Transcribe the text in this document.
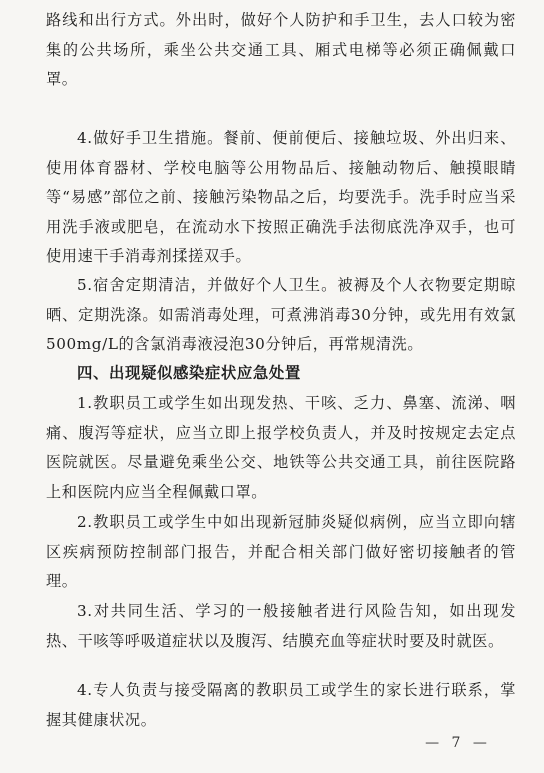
路线和出行方式。外出时，做好个人防护和手卫生，去人口较为密集的公共场所，乘坐公共交通工具、厢式电梯等必须正确佩戴口罩。

4.做好手卫生措施。餐前、便前便后、接触垃圾、外出归来、使用体育器材、学校电脑等公用物品后、接触动物后、触摸眼睛等“易感”部位之前、接触污染物品之后，均要洗手。洗手时应当采用洗手液或肥皂，在流动水下按照正确洗手法彻底洗净双手，也可使用速干手消毒剂揉搓双手。

5.宿舍定期清洁，并做好个人卫生。被褥及个人衣物要定期晾晒、定期洗涤。如需消毒处理，可煮沸消毒30分钟，或先用有效氯500mg/L的含氯消毒液浸泡30分钟后，再常规清洗。

四、出现疑似感染症状应急处置

1.教职员工或学生如出现发热、干咳、乏力、鼻塞、流涕、咽痛、腹泻等症状，应当立即上报学校负责人，并及时按规定去定点医院就医。尽量避免乘坐公交、地铁等公共交通工具，前往医院路上和医院内应当全程佩戴口罩。

2.教职员工或学生中如出现新冠肺炎疑似病例，应当立即向辖区疾病预防控制部门报告，并配合相关部门做好密切接触者的管理。

3.对共同生活、学习的一般接触者进行风险告知，如出现发热、干咳等呼吸道症状以及腹泻、结膜充血等症状时要及时就医。

4.专人负责与接受隔离的教职员工或学生的家长进行联系，掌握其健康状况。

— 7 —
